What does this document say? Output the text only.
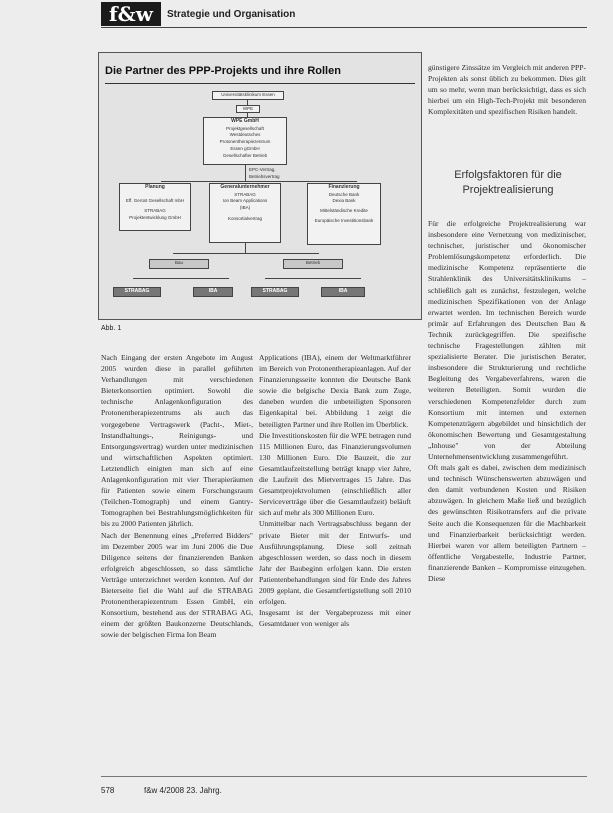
f&w	Strategie und Organisation
Die Partner des PPP-Projekts und ihre Rollen
Universitätsklinikum Essen
WPE
WPE GmbH
Projektgesellschaft
Westdeutsches Protonentherapiezentrum
Essen gGmbH
Gesellschafter Betrieb
EPC-Vertrag, Betriebsvertrag
Planung
Eff. Gerüst Gesellschaft mbH
STRABAG
Projektentwicklung GmbH
Generalunternehmer
STRABAG
Ion Beam Applications
(IBA)
Konsortialvertrag
Finanzierung
Deutsche Bank
Dexia Bank
Mittelständische Kredite
Europäische Investitionsbank
Bau	Betrieb
STRABAG	IBA	STRABAG	IBA
Abb. 1

günstigere Zinssätze im Vergleich mit anderen PPP-Projekten als sonst üblich zu bekommen. Dies gilt um so mehr, wenn man berücksichtigt, dass es sich hierbei um ein High-Tech-Projekt mit besonderen Komplexitäten und spezifischen Risiken handelt.

Erfolgsfaktoren für die Projektrealisierung

Nach Eingang der ersten Angebote im August 2005 wurden diese in parallel geführten Verhandlungen mit verschiedenen Bieterkonsortien optimiert. Sowohl die technische Anlagenkonfiguration des Protonentherapiezentrums als auch das vorgegebene Vertragswerk (Pacht-, Miet-, Instandhaltungs-, Reinigungs- und Entsorgungsvertrag) wurden unter medizinischen und wirtschaftlichen Aspekten optimiert. Letztendlich einigten man sich auf eine Anlagenkonfiguration mit vier Therapieräumen für Patienten sowie einem Forschungsraum (Teilchen-Tomograph) und einem Gantry-Tomographen bei Bestrahlungsmöglichkeiten für bis zu 2000 Patienten jährlich.

Nach der Benennung eines „Preferred Bidders" im Dezember 2005 war im Juni 2006 die Due Diligence seitens der finanzierenden Banken erfolgreich abgeschlossen, so dass sämtliche Verträge unterzeichnet werden konnten. Auf der Bieterseite fiel die Wahl auf die STRABAG Protonentherapiezentrum Essen GmbH, ein Konsortium, bestehend aus der STRABAG AG, einem der größten Baukonzerne Deutschlands, sowie der belgischen Firma Ion Beam

Applications (IBA), einem der Weltmarktführer im Bereich von Protonentherapieanlagen. Auf der Finanzierungsseite konnten die Deutsche Bank sowie die belgische Dexia Bank zum Zuge, daneben wurden die unbeteiligten Sponsoren Eigenkapital bei. Abbildung 1 zeigt die beteiligten Partner und ihre Rollen im Überblick.

Die Investitionskosten für die WPE betragen rund 115 Millionen Euro, das Finanzierungsvolumen 130 Millionen Euro. Die Bauzeit, die zur Gesamtlaufzeitstellung beträgt knapp vier Jahre, die Laufzeit des Mietvertrages 15 Jahre. Das Gesamtprojektvolumen (einschließlich aller Serviceverträge über die Gesamtlaufzeit) beläuft sich auf mehr als 300 Millionen Euro.

Unmittelbar nach Vertragsabschluss begann der private Bieter mit der Entwurfs- und Ausführungsplanung. Diese soll zeitnah abgeschlossen werden, so dass noch in diesem Jahr der Baubeginn erfolgen kann. Die ersten Patientenbehandlungen sind für Ende des Jahres 2009 geplant, die Gesamtfertigstellung soll 2010 erfolgen.

Insgesamt ist der Vergabeprozess mit einer Gesamtdauer von weniger als

Für die erfolgreiche Projektrealisierung war insbesondere eine Vernetzung von medizinischer, technischer, juristischer und ökonomischer Problemlösungskompetenz erforderlich. Die medizinische Kompetenz repräsentierte die Strahlenklinik des Universitätsklinikums – schließlich galt es zunächst, festzulegen, welche medizinischen Spezifikationen von der Anlage erwartet werden. Im technischen Bereich wurde primär auf Erfahrungen des Deutschen Bau & Technik zurückgegriffen. Die spezifische technische Fragestellungen zählten mit spezialisierte Berater. Die juristischen Berater, insbesondere die Strukturierung und rechtliche Begleitung des Vergabeverfahrens, waren die weiteren Beteiligten. Somit wurden die verschiedenen Kompetenzfelder durch zum Konsortium mit internen und externen Kompetenzträgern abgebildet und hinsichtlich der ökonomischen Bewertung und Gesamtgestaltung „Inhouse" von der Abteilung Unternehmensentwicklung zusammengeführt.

Oft mals galt es dabei, zwischen dem medizinisch und technisch Wünschenswerten abzuwägen und den damit verbundenen Kosten und Risiken abzuwägen. In gleichem Maße ließ und bezüglich des gewünschten Risikotransfers auf die private Seite auch die Konsequenzen für die Machbarkeit und Finanzierbarkeit berücksichtigt werden. Hierbei waren vor allem beteiligten Partnern – öffentliche Vergabestelle, Industrie Partner, finanzierende Banken – Kompromisse einzugehen. Diese

578	f&w 4/2008 23. Jahrg.
